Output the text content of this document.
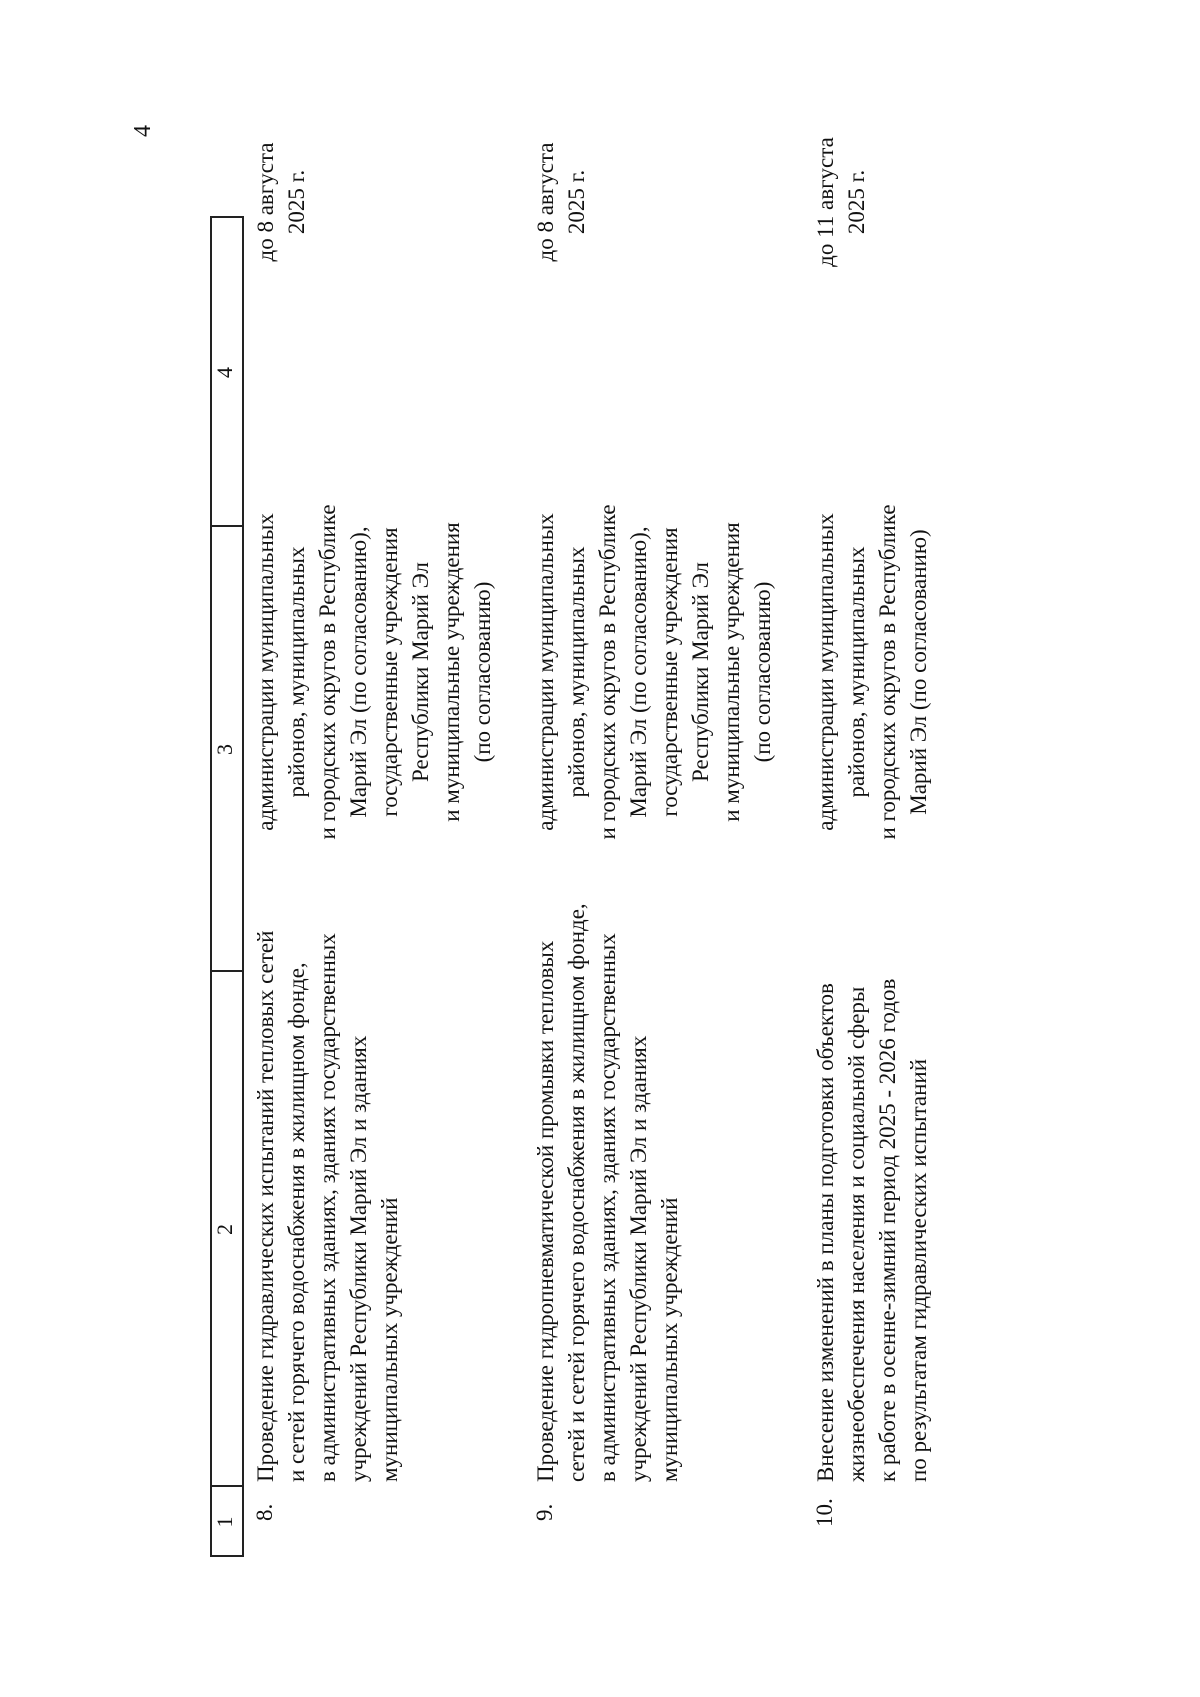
4
1
2
3
4
8.
Проведение гидравлических испытаний тепловых сетей и сетей горячего водоснабжения в жилищном фонде, в административных зданиях, зданиях государственных учреждений Республики Марий Эл и зданиях муниципальных учреждений
администрации муниципальных районов, муниципальных и городских округов в Республике Марий Эл (по согласованию), государственные учреждения Республики Марий Эл и муниципальные учреждения (по согласованию)
до 8 августа 2025 г.
9.
Проведение гидропневматической промывки тепловых сетей и сетей горячего водоснабжения в жилищном фонде, в административных зданиях, зданиях государственных учреждений Республики Марий Эл и зданиях муниципальных учреждений
администрации муниципальных районов, муниципальных и городских округов в Республике Марий Эл (по согласованию), государственные учреждения Республики Марий Эл и муниципальные учреждения (по согласованию)
до 8 августа 2025 г.
10.
Внесение изменений в планы подготовки объектов жизнеобеспечения населения и социальной сферы к работе в осенне-зимний период 2025 - 2026 годов по результатам гидравлических испытаний
администрации муниципальных районов, муниципальных и городских округов в Республике Марий Эл (по согласованию)
до 11 августа 2025 г.
